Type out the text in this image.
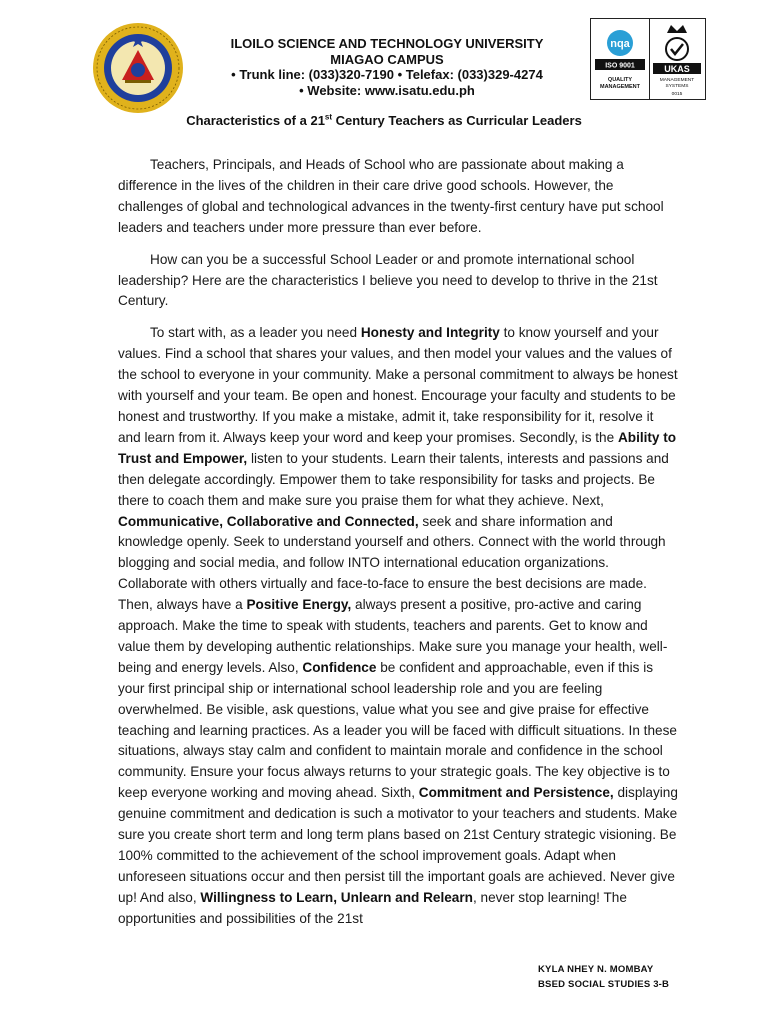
ILOILO SCIENCE AND TECHNOLOGY UNIVERSITY
MIAGAO CAMPUS
• Trunk line: (033)320-7190 • Telefax: (033)329-4274
• Website: www.isatu.edu.ph
nqa
ISO 9001
QUALITY
MANAGEMENT
UKAS
MANAGEMENT
SYSTEMS
0015
Characteristics of a 21st Century Teachers as Curricular Leaders

Teachers, Principals, and Heads of School who are passionate about making a difference in the lives of the children in their care drive good schools. However, the challenges of global and technological advances in the twenty-first century have put school leaders and teachers under more pressure than ever before.

How can you be a successful School Leader or and promote international school leadership? Here are the characteristics I believe you need to develop to thrive in the 21st Century.

To start with, as a leader you need Honesty and Integrity to know yourself and your values. Find a school that shares your values, and then model your values and the values of the school to everyone in your community. Make a personal commitment to always be honest with yourself and your team. Be open and honest. Encourage your faculty and students to be honest and trustworthy. If you make a mistake, admit it, take responsibility for it, resolve it and learn from it. Always keep your word and keep your promises. Secondly, is the Ability to Trust and Empower, listen to your students. Learn their talents, interests and passions and then delegate accordingly. Empower them to take responsibility for tasks and projects. Be there to coach them and make sure you praise them for what they achieve. Next, Communicative, Collaborative and Connected, seek and share information and knowledge openly. Seek to understand yourself and others. Connect with the world through blogging and social media, and follow INTO international education organizations. Collaborate with others virtually and face-to-face to ensure the best decisions are made. Then, always have a Positive Energy, always present a positive, pro-active and caring approach. Make the time to speak with students, teachers and parents. Get to know and value them by developing authentic relationships. Make sure you manage your health, well-being and energy levels. Also, Confidence be confident and approachable, even if this is your first principal ship or international school leadership role and you are feeling overwhelmed. Be visible, ask questions, value what you see and give praise for effective teaching and learning practices. As a leader you will be faced with difficult situations. In these situations, always stay calm and confident to maintain morale and confidence in the school community. Ensure your focus always returns to your strategic goals. The key objective is to keep everyone working and moving ahead. Sixth, Commitment and Persistence, displaying genuine commitment and dedication is such a motivator to your teachers and students. Make sure you create short term and long term plans based on 21st Century strategic visioning. Be 100% committed to the achievement of the school improvement goals. Adapt when unforeseen situations occur and then persist till the important goals are achieved. Never give up! And also, Willingness to Learn, Unlearn and Relearn, never stop learning! The opportunities and possibilities of the 21st

KYLA NHEY N. MOMBAY
BSED SOCIAL STUDIES 3-B
